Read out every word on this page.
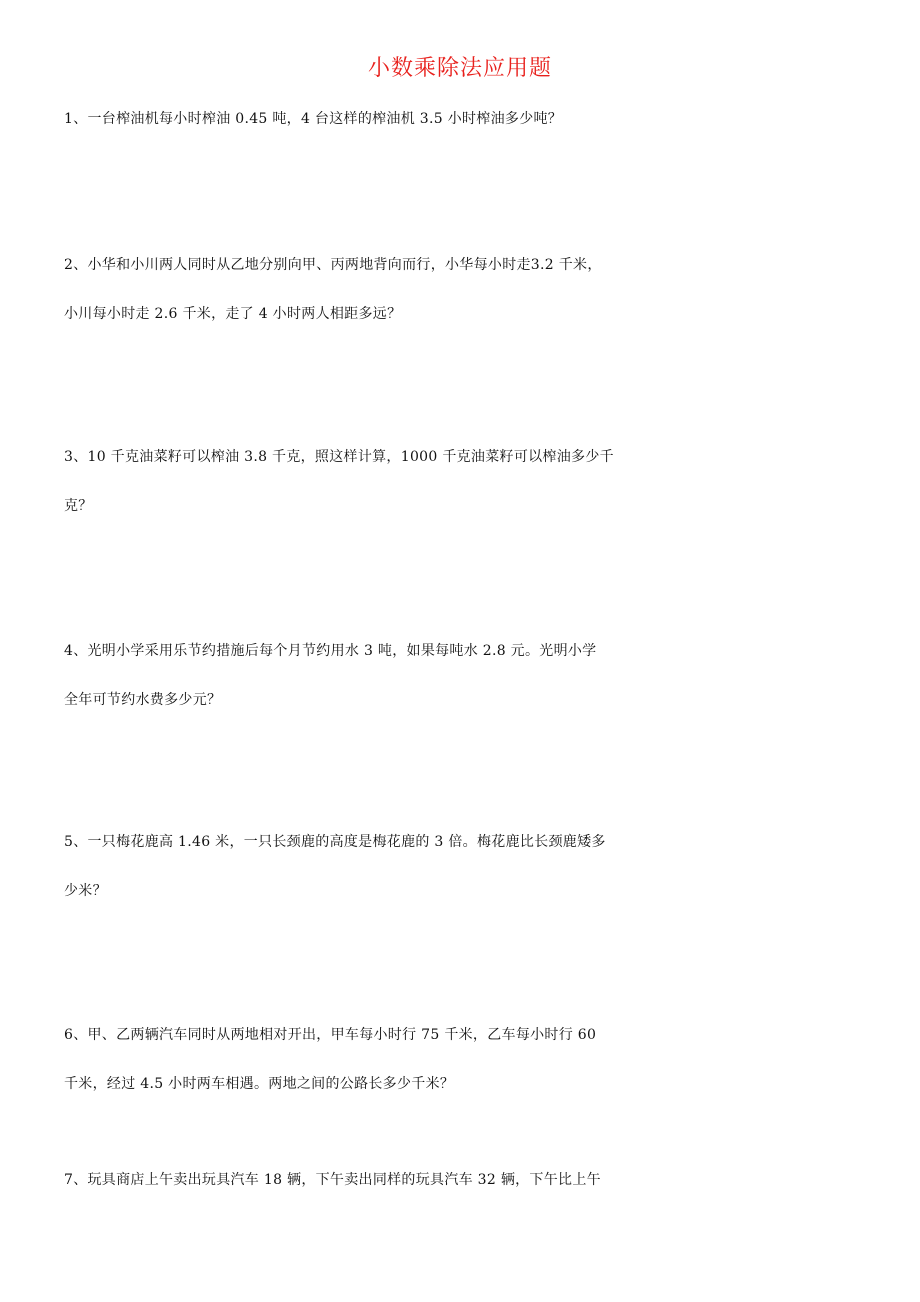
小数乘除法应用题
1、一台榨油机每小时榨油 0.45 吨，4 台这样的榨油机 3.5 小时榨油多少吨？
2、小华和小川两人同时从乙地分别向甲、丙两地背向而行，小华每小时走3.2 千米，
小川每小时走 2.6 千米，走了 4 小时两人相距多远？
3、10 千克油菜籽可以榨油 3.8 千克，照这样计算，1000 千克油菜籽可以榨油多少千
克？
4、光明小学采用乐节约措施后每个月节约用水 3 吨，如果每吨水 2.8 元。光明小学
全年可节约水费多少元？
5、一只梅花鹿高 1.46 米，一只长颈鹿的高度是梅花鹿的 3 倍。梅花鹿比长颈鹿矮多
少米？
6、甲、乙两辆汽车同时从两地相对开出，甲车每小时行 75 千米，乙车每小时行 60
千米，经过 4.5 小时两车相遇。两地之间的公路长多少千米？
7、玩具商店上午卖出玩具汽车 18 辆，下午卖出同样的玩具汽车 32 辆，下午比上午
